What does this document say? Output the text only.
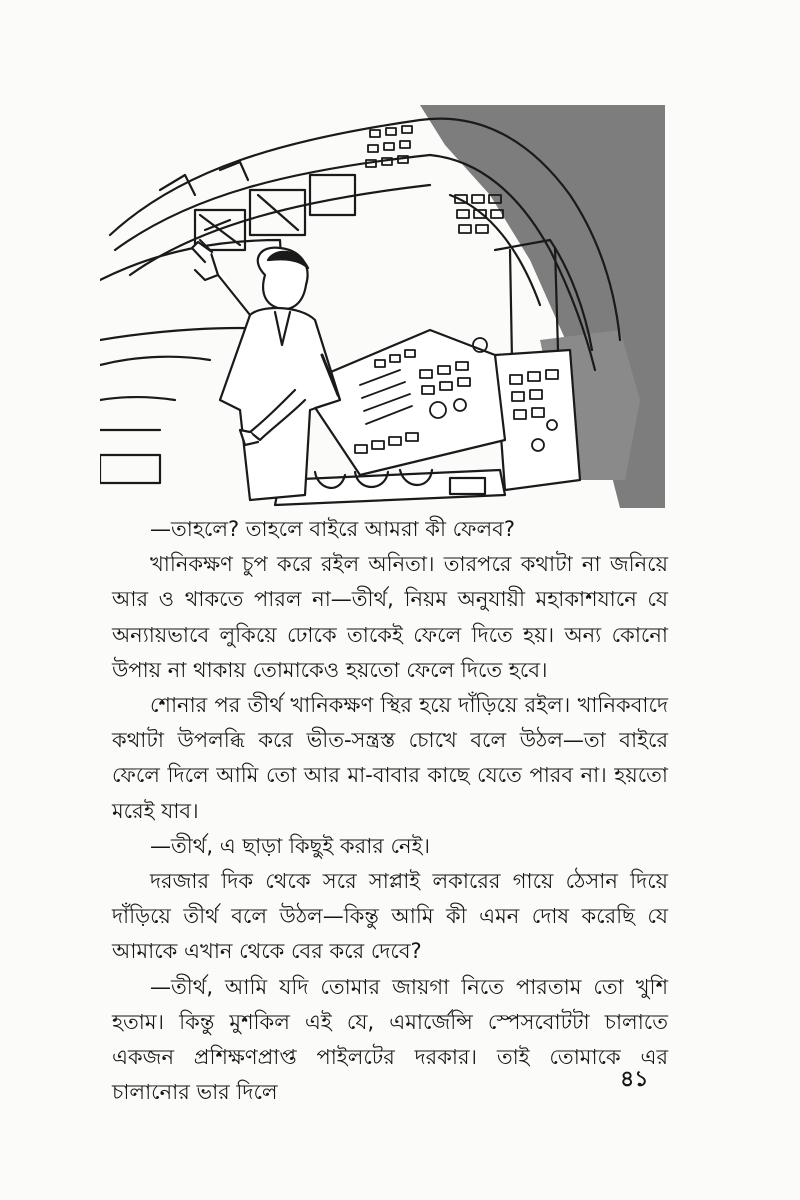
—তাহলে? তাহলে বাইরে আমরা কী ফেলব?

খানিকক্ষণ চুপ করে রইল অনিতা। তারপরে কথাটা না জনিয়ে আর ও থাকতে পারল না—তীর্থ, নিয়ম অনুযায়ী মহাকাশযানে যে অন্যায়ভাবে লুকিয়ে ঢোকে তাকেই ফেলে দিতে হয়। অন্য কোনো উপায় না থাকায় তোমাকেও হয়তো ফেলে দিতে হবে।

শোনার পর তীর্থ খানিকক্ষণ স্থির হয়ে দাঁড়িয়ে রইল। খানিকবাদে কথাটা উপলব্ধি করে ভীত-সন্ত্রস্ত চোখে বলে উঠল—তা বাইরে ফেলে দিলে আমি তো আর মা-বাবার কাছে যেতে পারব না। হয়তো মরেই যাব।

—তীর্থ, এ ছাড়া কিছুই করার নেই।

দরজার দিক থেকে সরে সাপ্লাই লকারের গায়ে ঠেসান দিয়ে দাঁড়িয়ে তীর্থ বলে উঠল—কিন্তু আমি কী এমন দোষ করেছি যে আমাকে এখান থেকে বের করে দেবে?

—তীর্থ, আমি যদি তোমার জায়গা নিতে পারতাম তো খুশি হতাম। কিন্তু মুশকিল এই যে, এমার্জেন্সি স্পেসবোটটা চালাতে একজন প্রশিক্ষণপ্রাপ্ত পাইলটের দরকার। তাই তোমাকে এর চালানোর ভার দিলে

৪১
